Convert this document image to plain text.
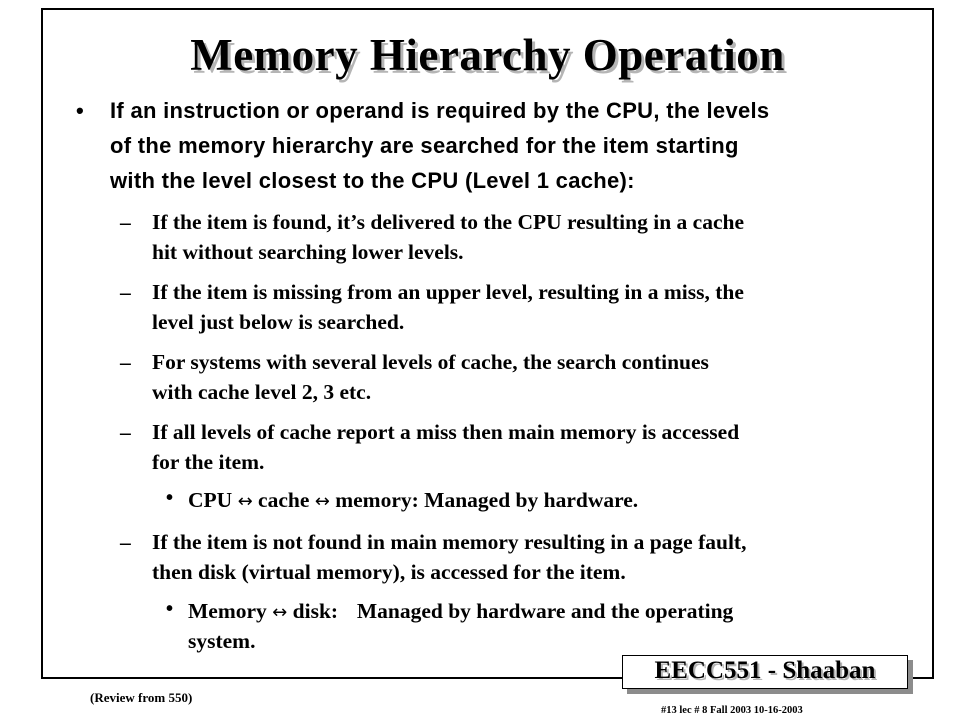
Memory Hierarchy Operation
• If an instruction or operand is required by the CPU, the levels
of the memory hierarchy are searched for the item starting
with the level closest to the CPU (Level 1 cache):
– If the item is found, it’s delivered to the CPU resulting in a cache
hit without searching lower levels.
– If the item is missing from an upper level, resulting in a miss, the
level just below is searched.
– For systems with several levels of cache, the search continues
with cache level 2, 3 etc.
– If all levels of cache report a miss then main memory is accessed
for the item.
• CPU ↔ cache ↔ memory: Managed by hardware.
– If the item is not found in main memory resulting in a page fault,
then disk (virtual memory), is accessed for the item.
• Memory ↔ disk: Managed by hardware and the operating
system.
EECC551 - Shaaban
(Review from 550)
#13 lec # 8 Fall 2003 10-16-2003
